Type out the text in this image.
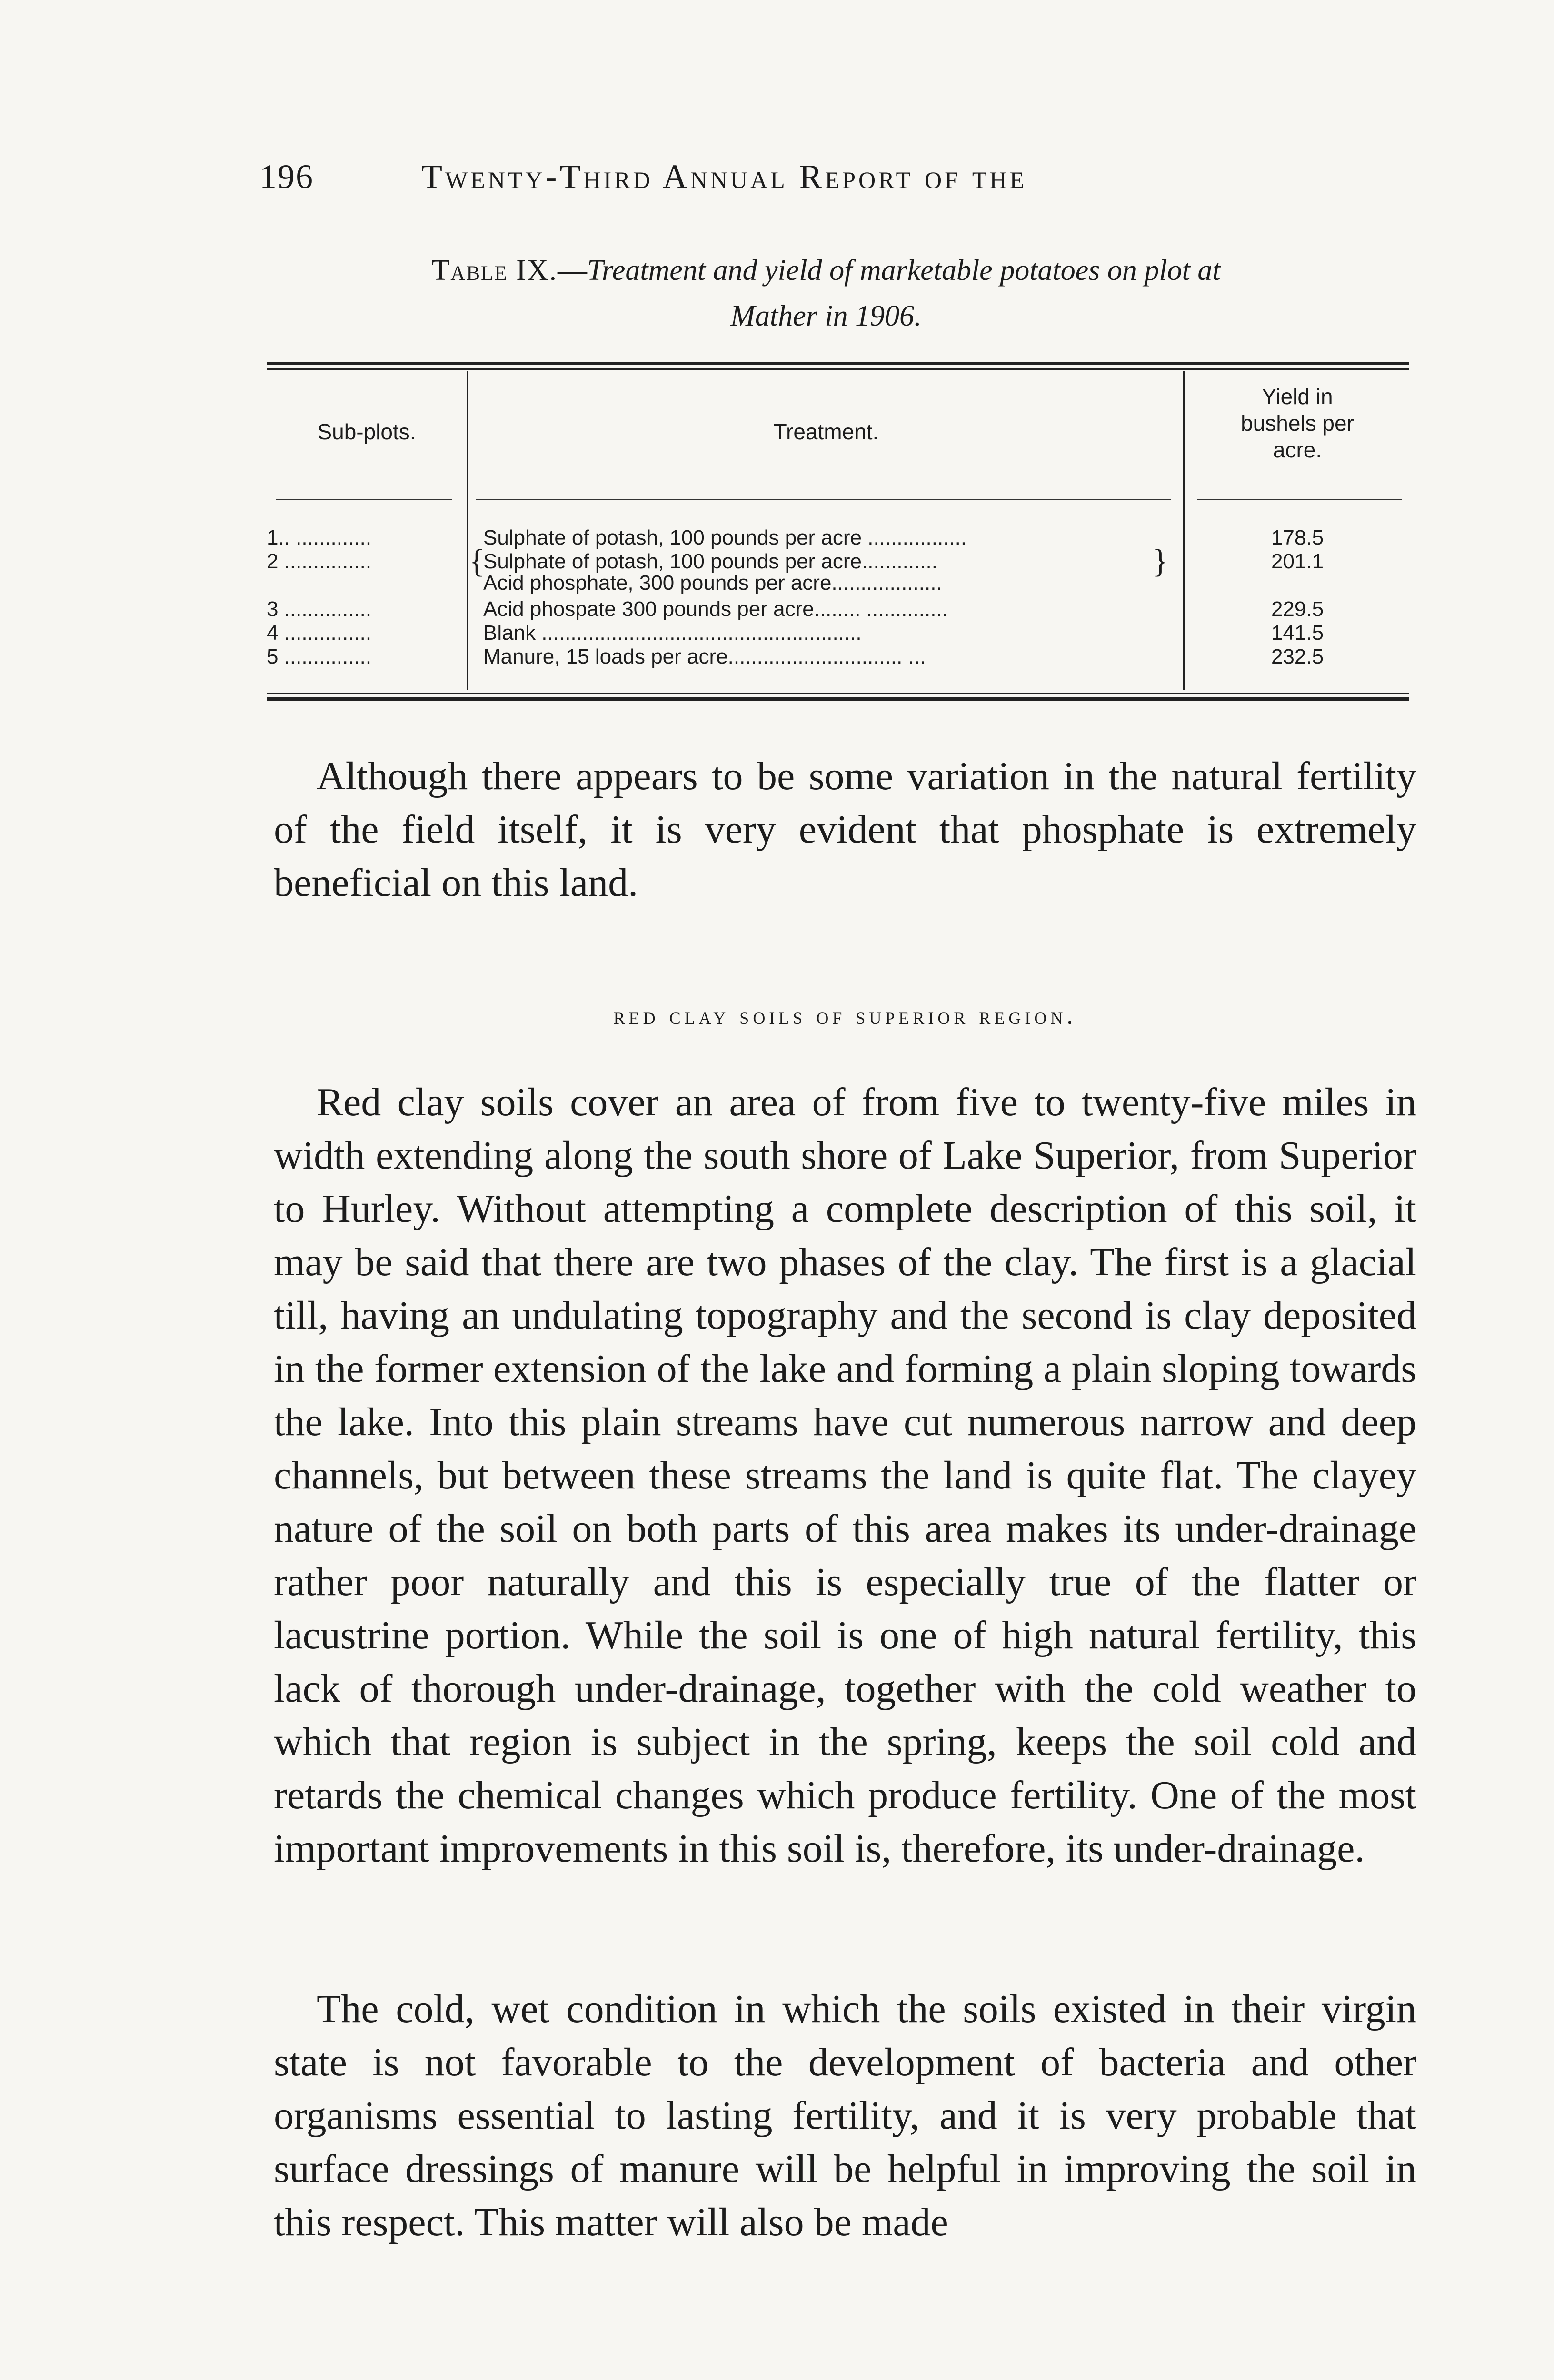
196	Twenty-Third Annual Report of the
Table IX.—Treatment and yield of marketable potatoes on plot at
Mather in 1906.
Sub-plots.	Treatment.
Yield in
bushels per
acre.
1.. .............	Sulphate of potash, 100 pounds per acre .................	178.5
2 ...............	Sulphate of potash, 100 pounds per acre.............	201.1
Acid phosphate, 300 pounds per acre...................
{	}
3 ...............	Acid phospate 300 pounds per acre........ ..............	229.5
4 ...............	Blank .......................................................	141.5
5 ...............	Manure, 15 loads per acre.............................. ...	232.5

Although there appears to be some variation in the natural fertility of the field itself, it is very evident that phosphate is extremely beneficial on this land.

red clay soils of superior region.

Red clay soils cover an area of from five to twenty-five miles in width extending along the south shore of Lake Superior, from Superior to Hurley. Without attempting a complete description of this soil, it may be said that there are two phases of the clay. The first is a glacial till, having an undulating topography and the second is clay deposited in the former extension of the lake and forming a plain sloping towards the lake. Into this plain streams have cut numerous narrow and deep channels, but between these streams the land is quite flat. The clayey nature of the soil on both parts of this area makes its under-drainage rather poor naturally and this is especially true of the flatter or lacustrine portion. While the soil is one of high natural fertility, this lack of thorough under-drainage, together with the cold weather to which that region is subject in the spring, keeps the soil cold and retards the chemical changes which produce fertility. One of the most important improvements in this soil is, therefore, its under-drainage.

The cold, wet condition in which the soils existed in their virgin state is not favorable to the development of bacteria and other organisms essential to lasting fertility, and it is very probable that surface dressings of manure will be helpful in improving the soil in this respect. This matter will also be made
